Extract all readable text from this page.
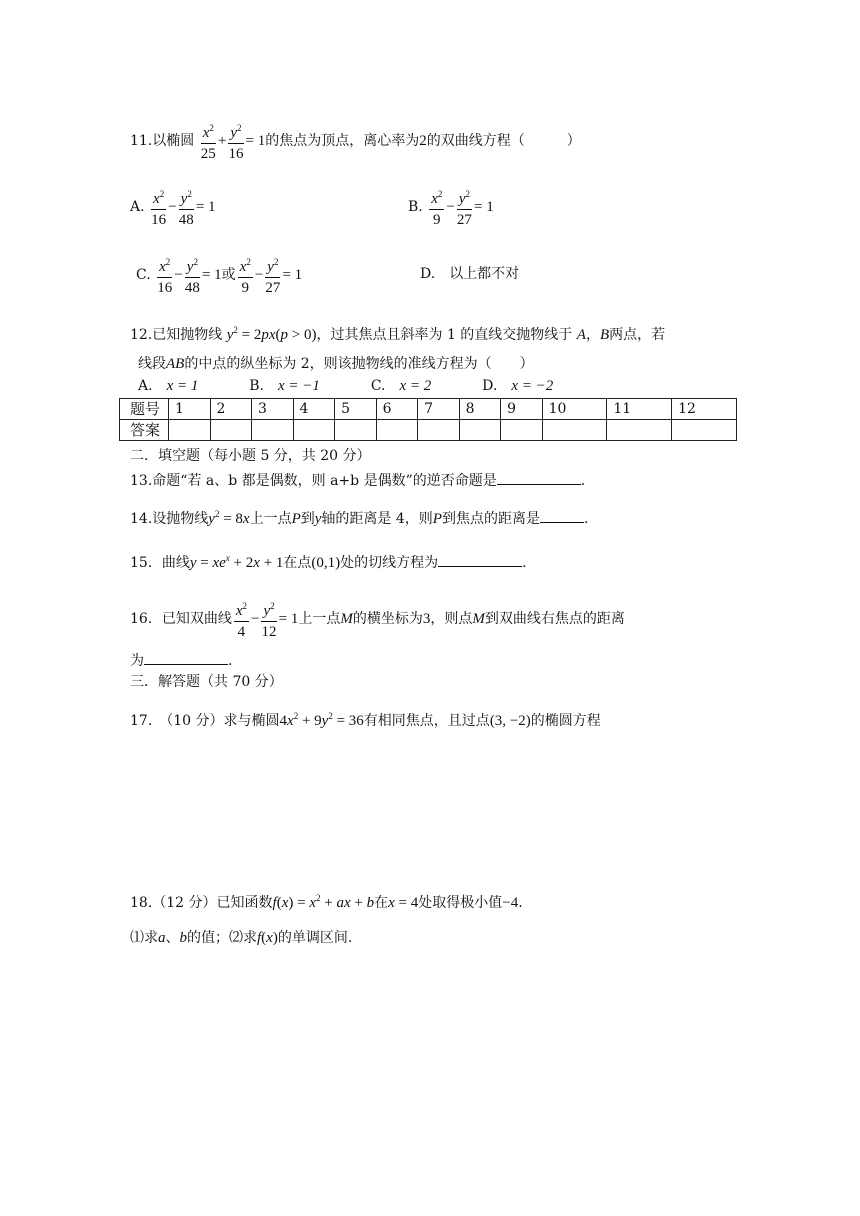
11.以椭圆 $\frac{x^2}{25} + \frac{y^2}{16} = 1$的焦点为顶点，离心率为2的双曲线方程（　　　）
A. $\frac{x^2}{16} - \frac{y^2}{48} = 1$	B. $\frac{x^2}{9} - \frac{y^2}{27} = 1$
C. $\frac{x^2}{16} - \frac{y^2}{48} = 1$或 $\frac{x^2}{9} - \frac{y^2}{27} = 1$	D.　 以上都不对
12.已知抛物线 $y^2 = 2px(p > 0)$，过其焦点且斜率为 1 的直线交抛物线于 A，B两点，若
线段AB的中点的纵坐标为 2，则该抛物线的准线方程为（　　）
A.　 x = 1	B.　 x = −1	C.　 x = 2	D.　 x = −2
题号	1	2	3	4	5	6	7	8	9	10	11	12
答案												
二．填空题（每小题 5 分，共 20 分）
13.命题“若 a、b 都是偶数，则 a+b 是偶数”的逆否命题是	.
14.设抛物线$y^2 = 8x$上一点P到y轴的距离是 4，则P到焦点的距离是	.
15．曲线$y = xe^x + 2x + 1$在点(0,1)处的切线方程为	.
16．已知双曲线 $\frac{x^2}{4} - \frac{y^2}{12} = 1$上一点M的横坐标为3，则点M到双曲线右焦点的距离
为	.
三．解答题（共 70 分）
17.　（10 分）求与椭圆$4x^2 + 9y^2 = 36$有相同焦点，且过点(3, −2)的椭圆方程
18.（12 分）已知函数$f(x) = x^2$ + ax + b在x = 4处取得极小值−4.
⑴求a、b的值；⑵求f(x)的单调区间.
